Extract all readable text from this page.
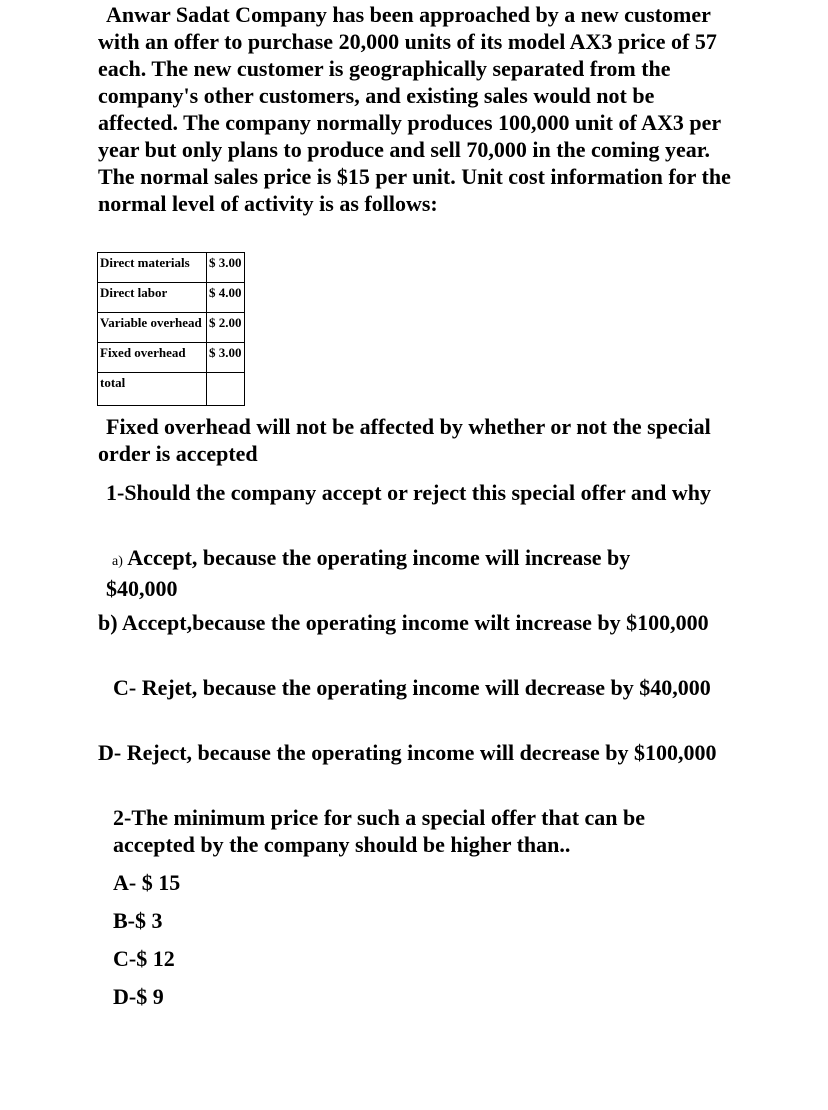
Anwar Sadat Company has been approached by a new customer with an offer to purchase 20,000 units of its model AX3 price of 57 each. The new customer is geographically separated from the company's other customers, and existing sales would not be affected. The company normally produces 100,000 unit of AX3 per year but only plans to produce and sell 70,000 in the coming year. The normal sales price is $15 per unit. Unit cost information for the normal level of activity is as follows:

Direct materials	$ 3.00
Direct labor	$ 4.00
Variable overhead	$ 2.00
Fixed overhead	$ 3.00
total	

Fixed overhead will not be affected by whether or not the special order is accepted

1-Should the company accept or reject this special offer and why

a) Accept, because the operating income will increase by $40,000

b) Accept,because the operating income wilt increase by $100,000

C- Rejet, because the operating income will decrease by $40,000

D- Reject, because the operating income will decrease by $100,000

2-The minimum price for such a special offer that can be accepted by the company should be higher than..

A- $ 15

B-$ 3

C-$ 12

D-$ 9
